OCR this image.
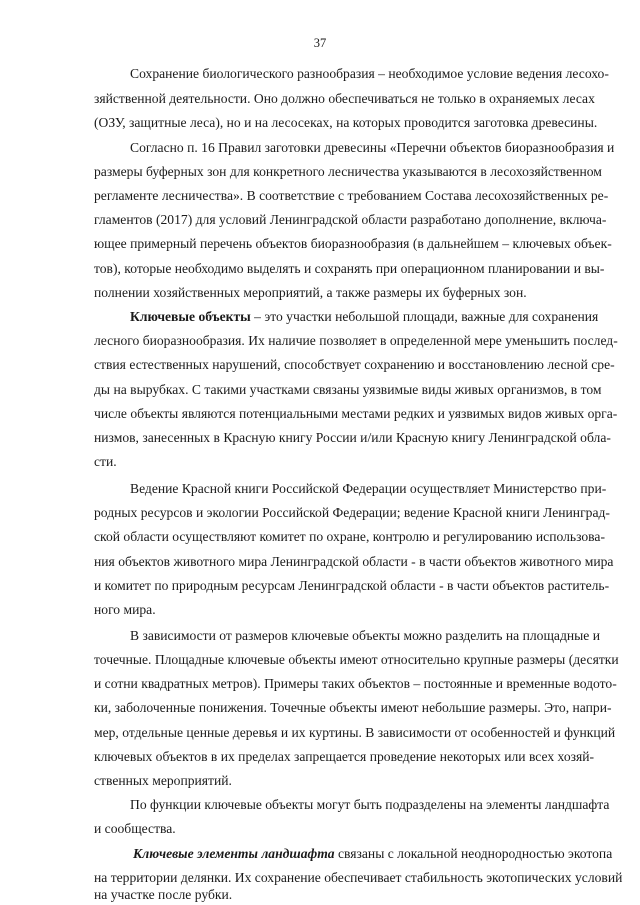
37
Сохранение биологического разнообразия – необходимое условие ведения лесохо-
зяйственной деятельности. Оно должно обеспечиваться не только в охраняемых лесах
(ОЗУ, защитные леса), но и на лесосеках, на которых проводится заготовка древесины.
Согласно п. 16 Правил заготовки древесины «Перечни объектов биоразнообразия и
размеры буферных зон для конкретного лесничества указываются в лесохозяйственном
регламенте лесничества». В соответствие с требованием Состава лесохозяйственных ре-
гламентов (2017) для условий Ленинградской области разработано дополнение, включа-
ющее примерный перечень объектов биоразнообразия (в дальнейшем – ключевых объек-
тов), которые необходимо выделять и сохранять при операционном планировании и вы-
полнении хозяйственных мероприятий, а также размеры их буферных зон.
Ключевые объекты – это участки небольшой площади, важные для сохранения
лесного биоразнообразия. Их наличие позволяет в определенной мере уменьшить послед-
ствия естественных нарушений, способствует сохранению и восстановлению лесной сре-
ды на вырубках. С такими участками связаны уязвимые виды живых организмов, в том
числе объекты являются потенциальными местами редких и уязвимых видов живых орга-
низмов, занесенных в Красную книгу России и/или Красную книгу Ленинградской обла-
сти.
Ведение Красной книги Российской Федерации осуществляет Министерство при-
родных ресурсов и экологии Российской Федерации; ведение Красной книги Ленинград-
ской области осуществляют комитет по охране, контролю и регулированию использова-
ния объектов животного мира Ленинградской области - в части объектов животного мира
и комитет по природным ресурсам Ленинградской области - в части объектов раститель-
ного мира.
В зависимости от размеров ключевые объекты можно разделить на площадные и
точечные. Площадные ключевые объекты имеют относительно крупные размеры (десятки
и сотни квадратных метров). Примеры таких объектов – постоянные и временные водото-
ки, заболоченные понижения. Точечные объекты имеют небольшие размеры. Это, напри-
мер, отдельные ценные деревья и их куртины. В зависимости от особенностей и функций
ключевых объектов в их пределах запрещается проведение некоторых или всех хозяй-
ственных мероприятий.
По функции ключевые объекты могут быть подразделены на элементы ландшафта
и сообщества.
Ключевые элементы ландшафта связаны с локальной неоднородностью экотопа
на территории делянки. Их сохранение обеспечивает стабильность экотопических условий
на участке после рубки.
